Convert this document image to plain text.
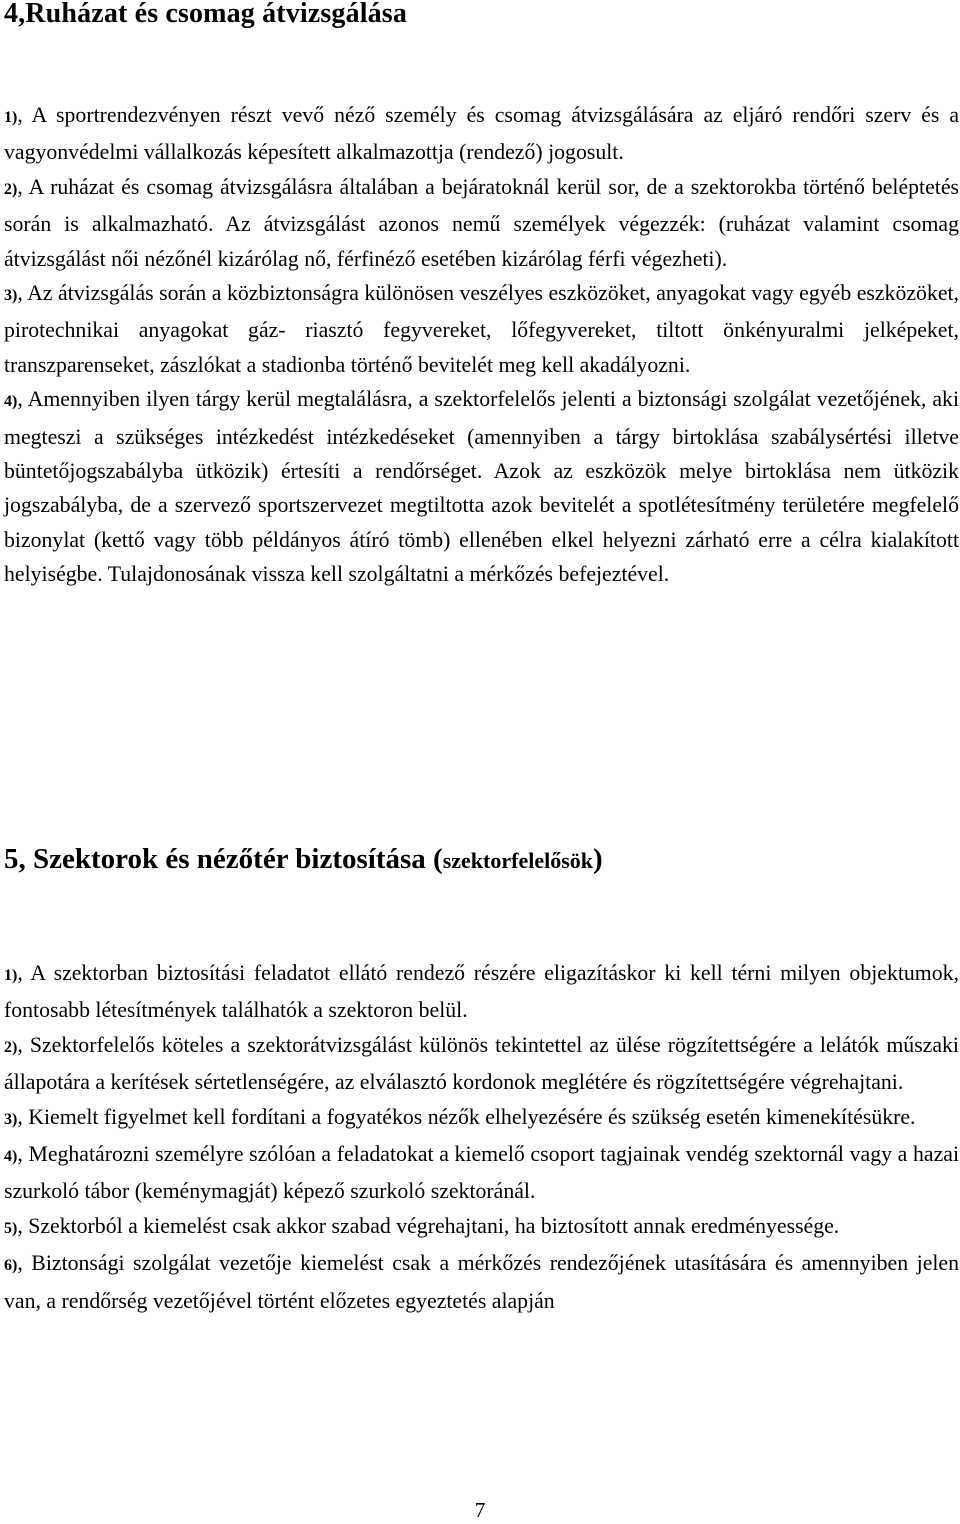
4,Ruházat és csomag átvizsgálása
1), A sportrendezvényen részt vevő néző személy és csomag átvizsgálására az eljáró rendőri szerv és a vagyonvédelmi vállalkozás képesített alkalmazottja (rendező) jogosult.
2), A ruházat és csomag átvizsgálásra általában a bejáratoknál kerül sor, de a szektorokba történő beléptetés során is alkalmazható. Az átvizsgálást azonos nemű személyek végezzék: (ruházat valamint csomag átvizsgálást női nézőnél kizárólag nő, férfinéző esetében kizárólag férfi végezheti).
3), Az átvizsgálás során a közbiztonságra különösen veszélyes eszközöket, anyagokat vagy egyéb eszközöket, pirotechnikai anyagokat gáz- riasztó fegyvereket, lőfegyvereket, tiltott önkényuralmi jelképeket, transzparenseket, zászlókat a stadionba történő bevitelét meg kell akadályozni.
4), Amennyiben ilyen tárgy kerül megtalálásra, a szektorfelelős jelenti a biztonsági szolgálat vezetőjének, aki megteszi a szükséges intézkedést intézkedéseket (amennyiben a tárgy birtoklása szabálysértési illetve büntetőjogszabályba ütközik) értesíti a rendőrséget. Azok az eszközök melye birtoklása nem ütközik jogszabályba, de a szervező sportszervezet megtiltotta azok bevitelét a spotlétesítmény területére megfelelő bizonylat (kettő vagy több példányos átíró tömb) ellenében elkel helyezni zárható erre a célra kialakított helyiségbe. Tulajdonosának vissza kell szolgáltatni a mérkőzés befejeztével.
5, Szektorok és nézőtér biztosítása (szektorfelelősök)
1), A szektorban biztosítási feladatot ellátó rendező részére eligazításkor ki kell térni milyen objektumok, fontosabb létesítmények találhatók a szektoron belül.
2), Szektorfelelős köteles a szektorátvizsgálást különös tekintettel az ülése rögzítettségére a lelátók műszaki állapotára a kerítések sértetlenségére, az elválasztó kordonok meglétére és rögzítettségére végrehajtani.
3), Kiemelt figyelmet kell fordítani a fogyatékos nézők elhelyezésére és szükség esetén kimenekítésükre.
4), Meghatározni személyre szólóan a feladatokat a kiemelő csoport tagjainak vendég szektornál vagy a hazai szurkoló tábor (keménymagját) képező szurkoló szektoránál.
5), Szektorból a kiemelést csak akkor szabad végrehajtani, ha biztosított annak eredményessége.
6), Biztonsági szolgálat vezetője kiemelést csak a mérkőzés rendezőjének utasítására és amennyiben jelen van, a rendőrség vezetőjével történt előzetes egyeztetés alapján
7
